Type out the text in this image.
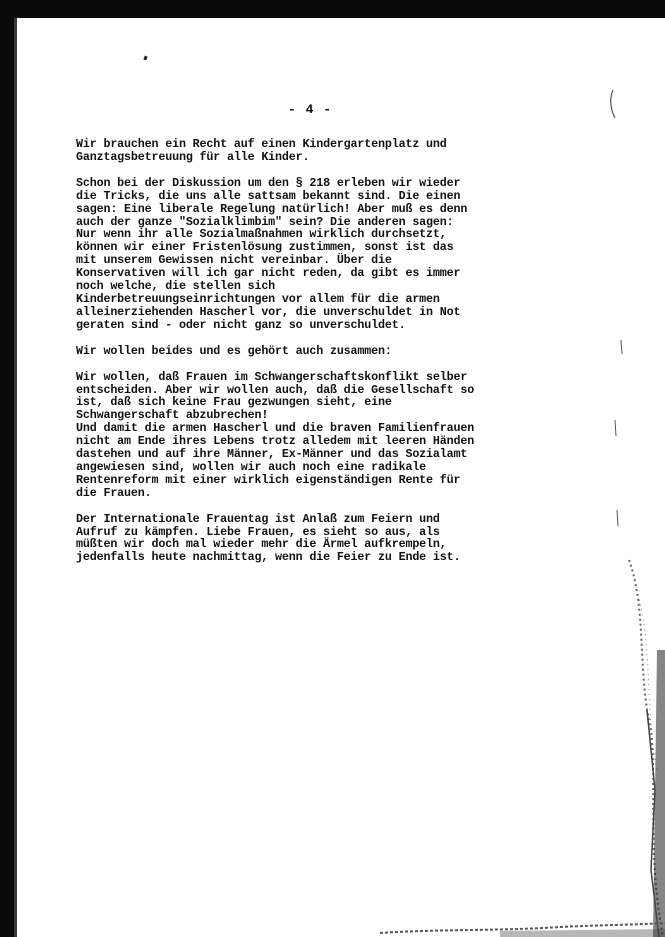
- 4 -

Wir brauchen ein Recht auf einen Kindergartenplatz und
Ganztagsbetreuung für alle Kinder.

Schon bei der Diskussion um den § 218 erleben wir wieder
die Tricks, die uns alle sattsam bekannt sind. Die einen
sagen: Eine liberale Regelung natürlich! Aber muß es denn
auch der ganze "Sozialklimbim" sein? Die anderen sagen:
Nur wenn ihr alle Sozialmaßnahmen wirklich durchsetzt,
können wir einer Fristenlösung zustimmen, sonst ist das
mit unserem Gewissen nicht vereinbar. Über die
Konservativen will ich gar nicht reden, da gibt es immer
noch welche, die stellen sich
Kinderbetreuungseinrichtungen vor allem für die armen
alleinerziehenden Hascherl vor, die unverschuldet in Not
geraten sind - oder nicht ganz so unverschuldet.

Wir wollen beides und es gehört auch zusammen:

Wir wollen, daß Frauen im Schwangerschaftskonflikt selber
entscheiden. Aber wir wollen auch, daß die Gesellschaft so
ist, daß sich keine Frau gezwungen sieht, eine
Schwangerschaft abzubrechen!

Und damit die armen Hascherl und die braven Familienfrauen
nicht am Ende ihres Lebens trotz alledem mit leeren Händen
dastehen und auf ihre Männer, Ex-Männer und das Sozialamt
angewiesen sind, wollen wir auch noch eine radikale
Rentenreform mit einer wirklich eigenständigen Rente für
die Frauen.

Der Internationale Frauentag ist Anlaß zum Feiern und
Aufruf zu kämpfen. Liebe Frauen, es sieht so aus, als
müßten wir doch mal wieder mehr die Ärmel aufkrempeln,
jedenfalls heute nachmittag, wenn die Feier zu Ende ist.
